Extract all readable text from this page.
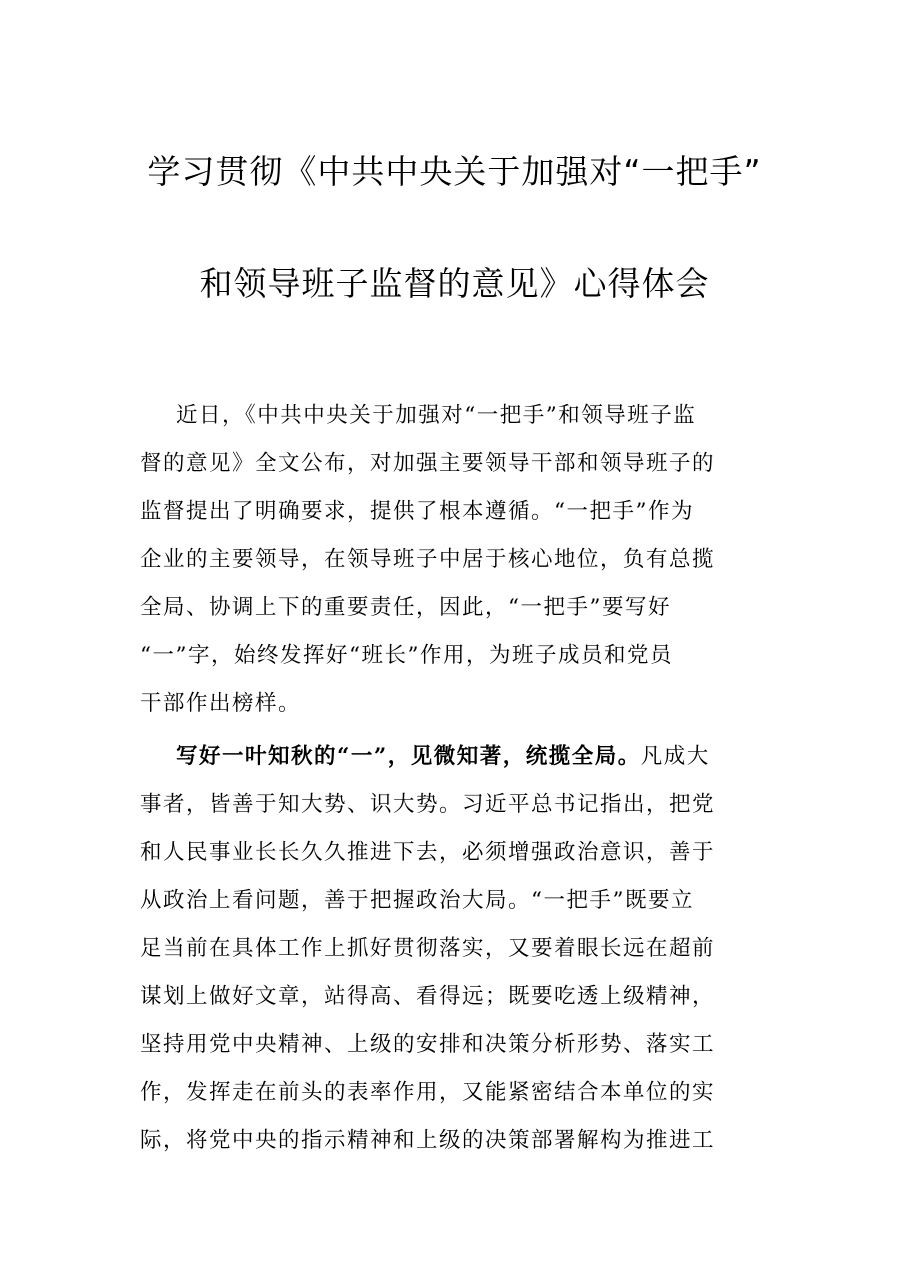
学习贯彻《中共中央关于加强对“一把手”
和领导班子监督的意见》心得体会
近日，《中共中央关于加强对“一把手”和领导班子监
督的意见》全文公布，对加强主要领导干部和领导班子的
监督提出了明确要求，提供了根本遵循。“一把手”作为
企业的主要领导，在领导班子中居于核心地位，负有总揽
全局、协调上下的重要责任，因此，“一把手”要写好
“一”字，始终发挥好“班长”作用，为班子成员和党员
干部作出榜样。
写好一叶知秋的“一”，见微知著，统揽全局。凡成大
事者，皆善于知大势、识大势。习近平总书记指出，把党
和人民事业长长久久推进下去，必须增强政治意识，善于
从政治上看问题，善于把握政治大局。“一把手”既要立
足当前在具体工作上抓好贯彻落实，又要着眼长远在超前
谋划上做好文章，站得高、看得远；既要吃透上级精神，
坚持用党中央精神、上级的安排和决策分析形势、落实工
作，发挥走在前头的表率作用，又能紧密结合本单位的实
际，将党中央的指示精神和上级的决策部署解构为推进工
